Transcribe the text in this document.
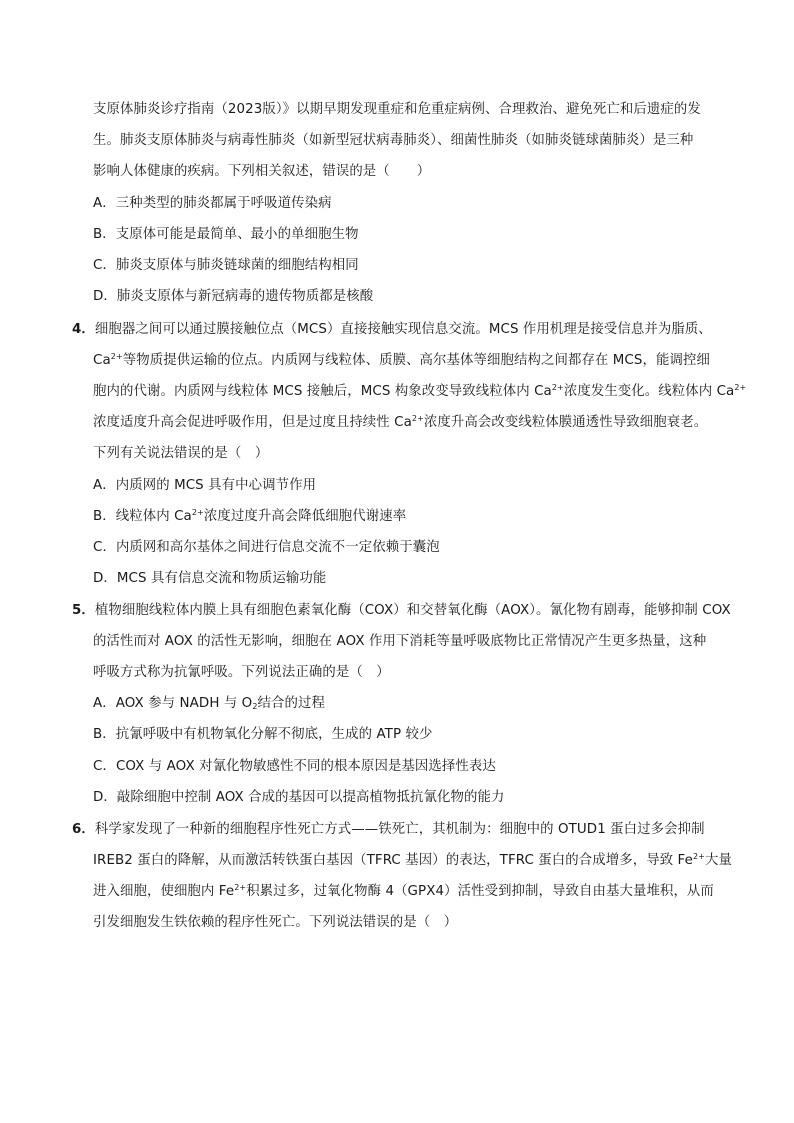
支原体肺炎诊疗指南（2023版）》以期早期发现重症和危重症病例、合理救治、避免死亡和后遗症的发
生。肺炎支原体肺炎与病毒性肺炎（如新型冠状病毒肺炎）、细菌性肺炎（如肺炎链球菌肺炎）是三种
影响人体健康的疾病。下列相关叙述，错误的是（　　）
A．三种类型的肺炎都属于呼吸道传染病
B．支原体可能是最简单、最小的单细胞生物
C．肺炎支原体与肺炎链球菌的细胞结构相同
D．肺炎支原体与新冠病毒的遗传物质都是核酸
4．细胞器之间可以通过膜接触位点（MCS）直接接触实现信息交流。MCS 作用机理是接受信息并为脂质、
$Ca^{2+}$等物质提供运输的位点。内质网与线粒体、质膜、高尔基体等细胞结构之间都存在 MCS，能调控细
胞内的代谢。内质网与线粒体 MCS 接触后，MCS 构象改变导致线粒体内 $Ca^{2+}$浓度发生变化。线粒体内 $Ca^{2+}$
浓度适度升高会促进呼吸作用，但是过度且持续性 $Ca^{2+}$浓度升高会改变线粒体膜通透性导致细胞衰老。
下列有关说法错误的是（　）
A．内质网的 MCS 具有中心调节作用
B．线粒体内 $Ca^{2+}$浓度过度升高会降低细胞代谢速率
C．内质网和高尔基体之间进行信息交流不一定依赖于囊泡
D．MCS 具有信息交流和物质运输功能
5．植物细胞线粒体内膜上具有细胞色素氧化酶（COX）和交替氧化酶（AOX）。氰化物有剧毒，能够抑制 COX
的活性而对 AOX 的活性无影响，细胞在 AOX 作用下消耗等量呼吸底物比正常情况产生更多热量，这种
呼吸方式称为抗氰呼吸。下列说法正确的是（　）
A．AOX 参与 NADH 与 $O_2$结合的过程
B．抗氰呼吸中有机物氧化分解不彻底，生成的 ATP 较少
C．COX 与 AOX 对氰化物敏感性不同的根本原因是基因选择性表达
D．敲除细胞中控制 AOX 合成的基因可以提高植物抵抗氰化物的能力
6．科学家发现了一种新的细胞程序性死亡方式——铁死亡，其机制为：细胞中的 OTUD1 蛋白过多会抑制
IREB2 蛋白的降解，从而激活转铁蛋白基因（TFRC 基因）的表达，TFRC 蛋白的合成增多，导致 $Fe^{2+}$大量
进入细胞，使细胞内 $Fe^{2+}$积累过多，过氧化物酶 4（GPX4）活性受到抑制，导致自由基大量堆积，从而
引发细胞发生铁依赖的程序性死亡。下列说法错误的是（　）
